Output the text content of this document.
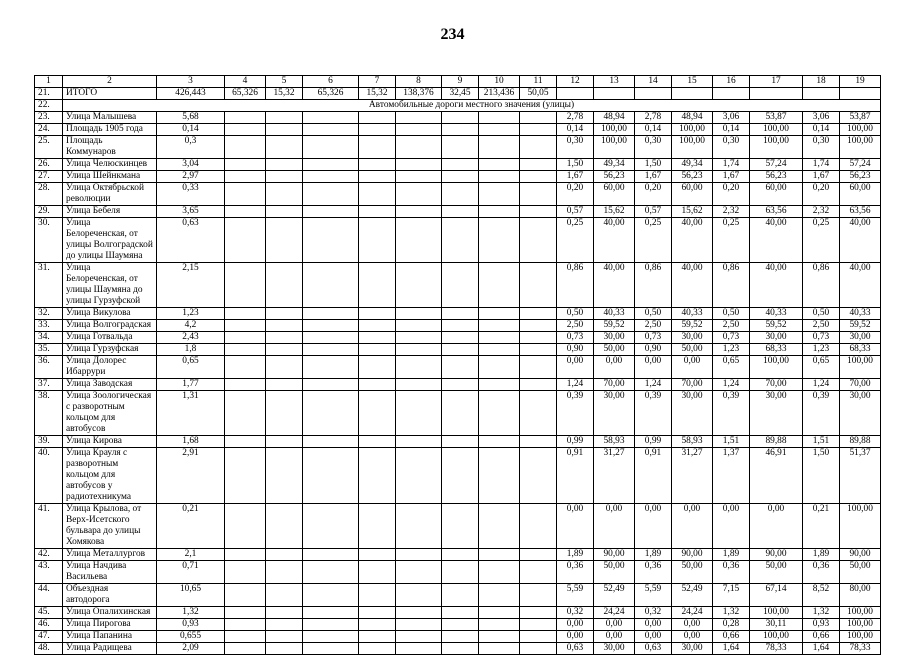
234
1	2	3	4	5	6	7	8	9	10	11	12	13	14	15	16	17	18	19
21.	ИТОГО	426,443	65,326	15,32	65,326	15,32	138,376	32,45	213,436	50,05								
22.	Автомобильные дороги местного значения (улицы)																	
23.	Улица Малышева	5,68									2,78	48,94	2,78	48,94	3,06	53,87	3,06	53,87
24.	Площадь 1905 года	0,14									0,14	100,00	0,14	100,00	0,14	100,00	0,14	100,00
25.	Площадь Коммунаров	0,3									0,30	100,00	0,30	100,00	0,30	100,00	0,30	100,00
26.	Улица Челюскинцев	3,04									1,50	49,34	1,50	49,34	1,74	57,24	1,74	57,24
27.	Улица Шейнкмана	2,97									1,67	56,23	1,67	56,23	1,67	56,23	1,67	56,23
28.	Улица Октябрьской революции	0,33									0,20	60,00	0,20	60,00	0,20	60,00	0,20	60,00
29.	Улица Бебеля	3,65									0,57	15,62	0,57	15,62	2,32	63,56	2,32	63,56
30.	Улица Белореченская, от улицы Волгоградской до улицы Шаумяна	0,63									0,25	40,00	0,25	40,00	0,25	40,00	0,25	40,00
31.	Улица Белореченская, от улицы Шаумяна до улицы Гурзуфской	2,15									0,86	40,00	0,86	40,00	0,86	40,00	0,86	40,00
32.	Улица Викулова	1,23									0,50	40,33	0,50	40,33	0,50	40,33	0,50	40,33
33.	Улица Волгоградская	4,2									2,50	59,52	2,50	59,52	2,50	59,52	2,50	59,52
34.	Улица Готвальда	2,43									0,73	30,00	0,73	30,00	0,73	30,00	0,73	30,00
35.	Улица Гурзуфская	1,8									0,90	50,00	0,90	50,00	1,23	68,33	1,23	68,33
36.	Улица Долорес Ибаррури	0,65									0,00	0,00	0,00	0,00	0,65	100,00	0,65	100,00
37.	Улица Заводская	1,77									1,24	70,00	1,24	70,00	1,24	70,00	1,24	70,00
38.	Улица Зоологическая с разворотным кольцом для автобусов	1,31									0,39	30,00	0,39	30,00	0,39	30,00	0,39	30,00
39.	Улица Кирова	1,68									0,99	58,93	0,99	58,93	1,51	89,88	1,51	89,88
40.	Улица Крауля с разворотным кольцом для автобусов у радиотехникума	2,91									0,91	31,27	0,91	31,27	1,37	46,91	1,50	51,37
41.	Улица Крылова, от Верх-Исетского бульвара до улицы Хомякова	0,21									0,00	0,00	0,00	0,00	0,00	0,00	0,21	100,00
42.	Улица Металлургов	2,1									1,89	90,00	1,89	90,00	1,89	90,00	1,89	90,00
43.	Улица Начдива Васильева	0,71									0,36	50,00	0,36	50,00	0,36	50,00	0,36	50,00
44.	Объездная автодорога	10,65									5,59	52,49	5,59	52,49	7,15	67,14	8,52	80,00
45.	Улица Опалихинская	1,32									0,32	24,24	0,32	24,24	1,32	100,00	1,32	100,00
46.	Улица Пирогова	0,93									0,00	0,00	0,00	0,00	0,28	30,11	0,93	100,00
47.	Улица Папанина	0,655									0,00	0,00	0,00	0,00	0,66	100,00	0,66	100,00
48.	Улица Радищева	2,09									0,63	30,00	0,63	30,00	1,64	78,33	1,64	78,33
